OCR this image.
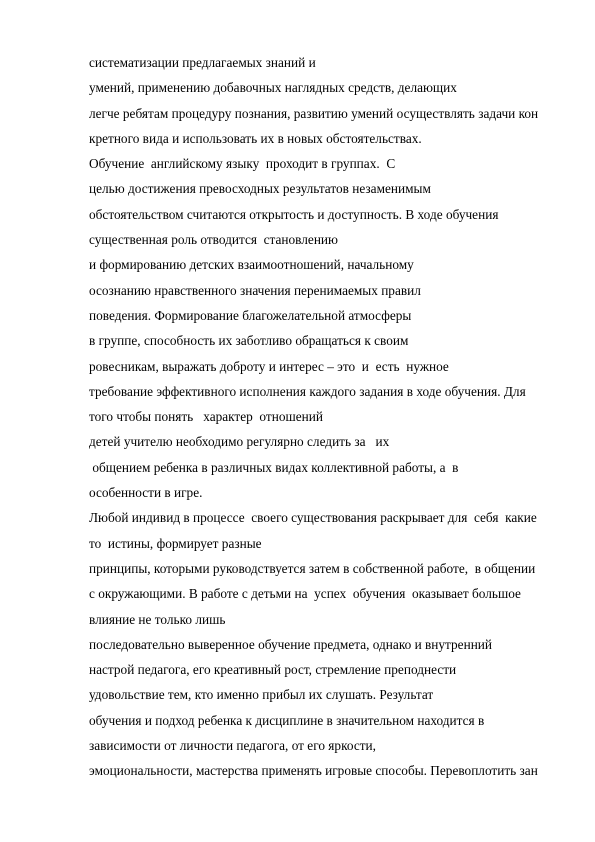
систематизации предлагаемых знаний и
умений, применению добавочных наглядных средств, делающих
легче ребятам процедуру познания, развитию умений осуществлять задачи кон
кретного вида и использовать их в новых обстоятельствах.
Обучение  английскому языку  проходит в группах.  С
целью достижения превосходных результатов незаменимым
обстоятельством считаются открытость и доступность. В ходе обучения
существенная роль отводится  становлению
и формированию детских взаимоотношений, начальному
осознанию нравственного значения перенимаемых правил
поведения. Формирование благожелательной атмосферы
в группе, способность их заботливо обращаться к своим
ровесникам, выражать доброту и интерес – это  и  есть  нужное
требование эффективного исполнения каждого задания в ходе обучения. Для
того чтобы понять   характер  отношений
детей учителю необходимо регулярно следить за   их
общением ребенка в различных видах коллективной работы, а  в
особенности в игре.
Любой индивид в процессе  своего существования раскрывает для  себя  какие
то  истины, формирует разные
принципы, которыми руководствуется затем в собственной работе,  в общении
с окружающими. В работе с детьми на  успех  обучения  оказывает большое
влияние не только лишь
последовательно выверенное обучение предмета, однако и внутренний
настрой педагога, его креативный рост, стремление преподнести
удовольствие тем, кто именно прибыл их слушать. Результат
обучения и подход ребенка к дисциплине в значительном находится в
зависимости от личности педагога, от его яркости,
эмоциональности, мастерства применять игровые способы. Перевоплотить зан
